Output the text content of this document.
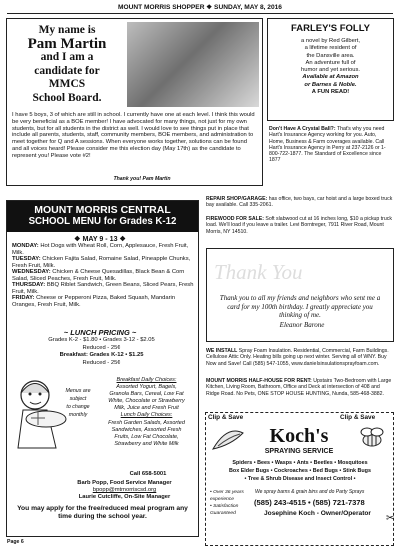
MOUNT MORRIS SHOPPER ❖ SUNDAY, MAY 8, 2016
My name is
Pam Martin
and I am a
candidate for
MMCS
School Board.
I have 5 boys, 3 of which are still in school. I currently have one at each level. I think this would be very beneficial as a BOE member! I have advocated for many things, not just for my own students, but for all students in the district as well. I would love to see things put in place that include all parents, students, staff, community members, BOE members, and administration to meet together for Q and A sessions. When everyone works together, solutions can be found and all voices heard! Please consider me this election day (May 17th) as the candidate to represent you! Please vote #2!
Thank you! Pam Martin
FARLEY'S FOLLY
a novel by Red Gilbert,
a lifetime resident of
the Dansville area.
An adventure full of
humor and yet serious.
Available at Amazon
or Barnes & Noble.
A FUN READ!
Don't Have A Crystal Ball?: That's why you need Hart's Insurance Agency working for you. Auto, Home, Business & Farm coverages available. Call Hart's Insurance Agency in Perry at 237-2126 or 1-800-722-1877. The Standard of Excellence since 1877
MOUNT MORRIS CENTRAL
SCHOOL MENU for Grades K-12
❖ MAY 9 - 13 ❖
MONDAY: Hot Dogs with Wheat Roll, Corn, Applesauce, Fresh Fruit, Milk.
TUESDAY: Chicken Fajita Salad, Romaine Salad, Pineapple Chunks, Fresh Fruit, Milk.
WEDNESDAY: Chicken & Cheese Quesadillas, Black Bean & Corn Salad, Sliced Peaches, Fresh Fruit, Milk.
THURSDAY: BBQ Riblet Sandwich, Green Beans, Sliced Pears, Fresh Fruit, Milk.
FRIDAY: Cheese or Pepperoni Pizza, Baked Squash, Mandarin Oranges, Fresh Fruit, Milk.
~ LUNCH PRICING ~
Grades K-2 - $1.80 • Grades 3-12 - $2.05
Reduced - 25¢
Breakfast: Grades K-12 • $1.25
Reduced - 25¢
Menus are
subject
to change
monthly
Breakfast Daily Choices:
Assorted Yogurt, Bagels,
Granola Bars, Cereal, Low Fat
White, Chocolate or Strawberry
Milk, Juice and Fresh Fruit
Lunch Daily Choices:
Fresh Garden Salads, Assorted
Sandwiches, Assorted Fresh
Fruits, Low Fat Chocolate,
Strawberry and White Milk
Call 658-5001
Barb Popp, Food Service Manager
bpopp@mtmorriscsd.org
Laurie Cutcliffe, On-Site Manager
You may apply for the free/reduced meal program any time during the school year.
REPAIR SHOP/GARAGE: has office, two bays, car hoist and a large boxed truck bay available. Call 335-2061.
FIREWOOD FOR SALE: Soft slabwood cut at 16 inches long, $10 a pickup truck load. We'll load if you leave a trailer. Levi Borntreger, 7911 River Road, Mount Morris, NY 14510.
Thank You
Thank you to all my friends and neighbors who sent me a card for my 100th birthday. I greatly appreciate you thinking of me.
Eleanor Barone
WE INSTALL Spray Foam Insulation. Residential, Commercial, Farm Buildings. Cellulose Attic Only. Heating bills going up next winter. Serving all of WNY. Buy Now and Save! Call (585) 547-1055, www.danieIsinsulationsprayfoam.com.
MOUNT MORRIS HALF-HOUSE FOR RENT: Upstairs Two-Bedroom with Large Kitchen, Living Room, Bathroom, Office and Deck at intersection of 408 and Ridge Road. No Pets, ONE STOP HOUSE HUNTING, Nunda, 585-468-3882.
Clip & Save	Clip & Save
Koch's
SPRAYING SERVICE
Spiders • Bees • Wasps • Ants • Beetles • Mosquitoes
Box Elder Bugs • Cockroaches • Bed Bugs • Stink Bugs
• Tree & Shrub Disease and Insect Control •
• Over 36 years experience
• Satisfaction Guaranteed
We spray barns & grain bins and do Party Sprays
(585) 243-4515 • (585) 721-7378
Josephine Koch - Owner/Operator	✂
Page 6
